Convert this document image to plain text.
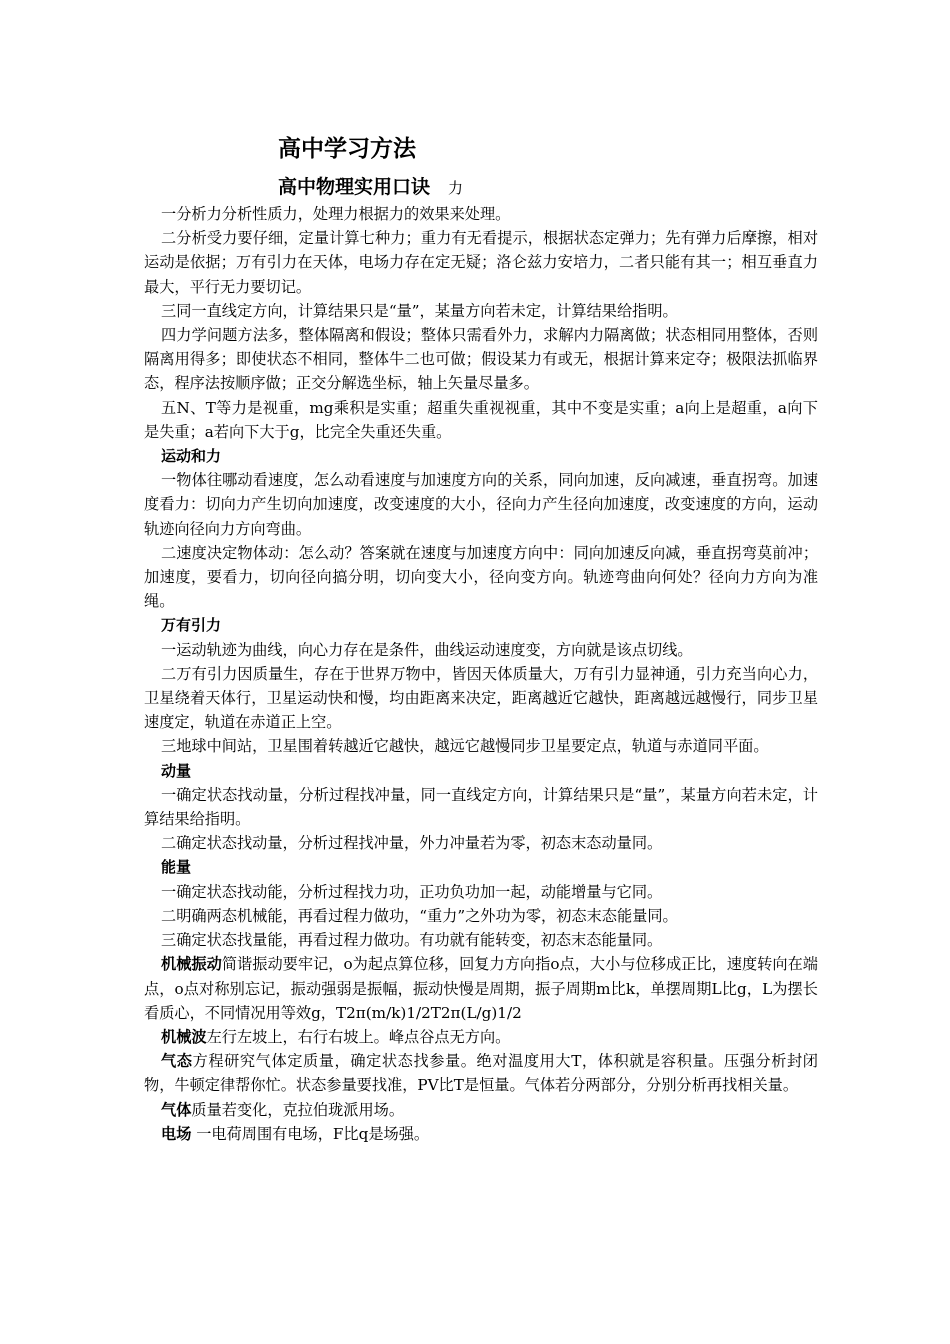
高中学习方法
高中物理实用口诀 力

一分析力分析性质力，处理力根据力的效果来处理。

二分析受力要仔细，定量计算七种力；重力有无看提示，根据状态定弹力；先有弹力后摩擦，相对运动是依据；万有引力在天体，电场力存在定无疑；洛仑兹力安培力，二者只能有其一；相互垂直力最大，平行无力要切记。

三同一直线定方向，计算结果只是“量”，某量方向若未定，计算结果给指明。

四力学问题方法多，整体隔离和假设；整体只需看外力，求解内力隔离做；状态相同用整体，否则隔离用得多；即使状态不相同，整体牛二也可做；假设某力有或无，根据计算来定夺；极限法抓临界态，程序法按顺序做；正交分解选坐标，轴上矢量尽量多。

五N、T等力是视重，mg乘积是实重；超重失重视视重，其中不变是实重；a向上是超重，a向下是失重；a若向下大于g，比完全失重还失重。

运动和力

一物体往哪动看速度，怎么动看速度与加速度方向的关系，同向加速，反向减速，垂直拐弯。加速度看力：切向力产生切向加速度，改变速度的大小，径向力产生径向加速度，改变速度的方向，运动轨迹向径向力方向弯曲。

二速度决定物体动：怎么动？答案就在速度与加速度方向中：同向加速反向减，垂直拐弯莫前冲；加速度，要看力，切向径向搞分明，切向变大小，径向变方向。轨迹弯曲向何处？径向力方向为准绳。

万有引力

一运动轨迹为曲线，向心力存在是条件，曲线运动速度变，方向就是该点切线。

二万有引力因质量生，存在于世界万物中，皆因天体质量大，万有引力显神通，引力充当向心力，卫星绕着天体行，卫星运动快和慢，均由距离来决定，距离越近它越快，距离越远越慢行，同步卫星速度定，轨道在赤道正上空。

三地球中间站，卫星围着转越近它越快，越远它越慢同步卫星要定点，轨道与赤道同平面。

动量

一确定状态找动量，分析过程找冲量，同一直线定方向，计算结果只是“量”，某量方向若未定，计算结果给指明。

二确定状态找动量，分析过程找冲量，外力冲量若为零，初态末态动量同。

能量

一确定状态找动能，分析过程找力功，正功负功加一起，动能增量与它同。

二明确两态机械能，再看过程力做功，“重力”之外功为零，初态末态能量同。

三确定状态找量能，再看过程力做功。有功就有能转变，初态末态能量同。

机械振动简谐振动要牢记，o为起点算位移，回复力方向指o点，大小与位移成正比，速度转向在端点，o点对称别忘记，振动强弱是振幅，振动快慢是周期，振子周期m比k，单摆周期L比g，L为摆长看质心，不同情况用等效g，T2π(m/k)1/2T2π(L/g)1/2

机械波左行左坡上，右行右坡上。峰点谷点无方向。

气态方程研究气体定质量，确定状态找参量。绝对温度用大T，体积就是容积量。压强分析封闭物，牛顿定律帮你忙。状态参量要找准，PV比T是恒量。气体若分两部分，分别分析再找相关量。

气体质量若变化，克拉伯珑派用场。

电场 一电荷周围有电场，F比q是场强。
